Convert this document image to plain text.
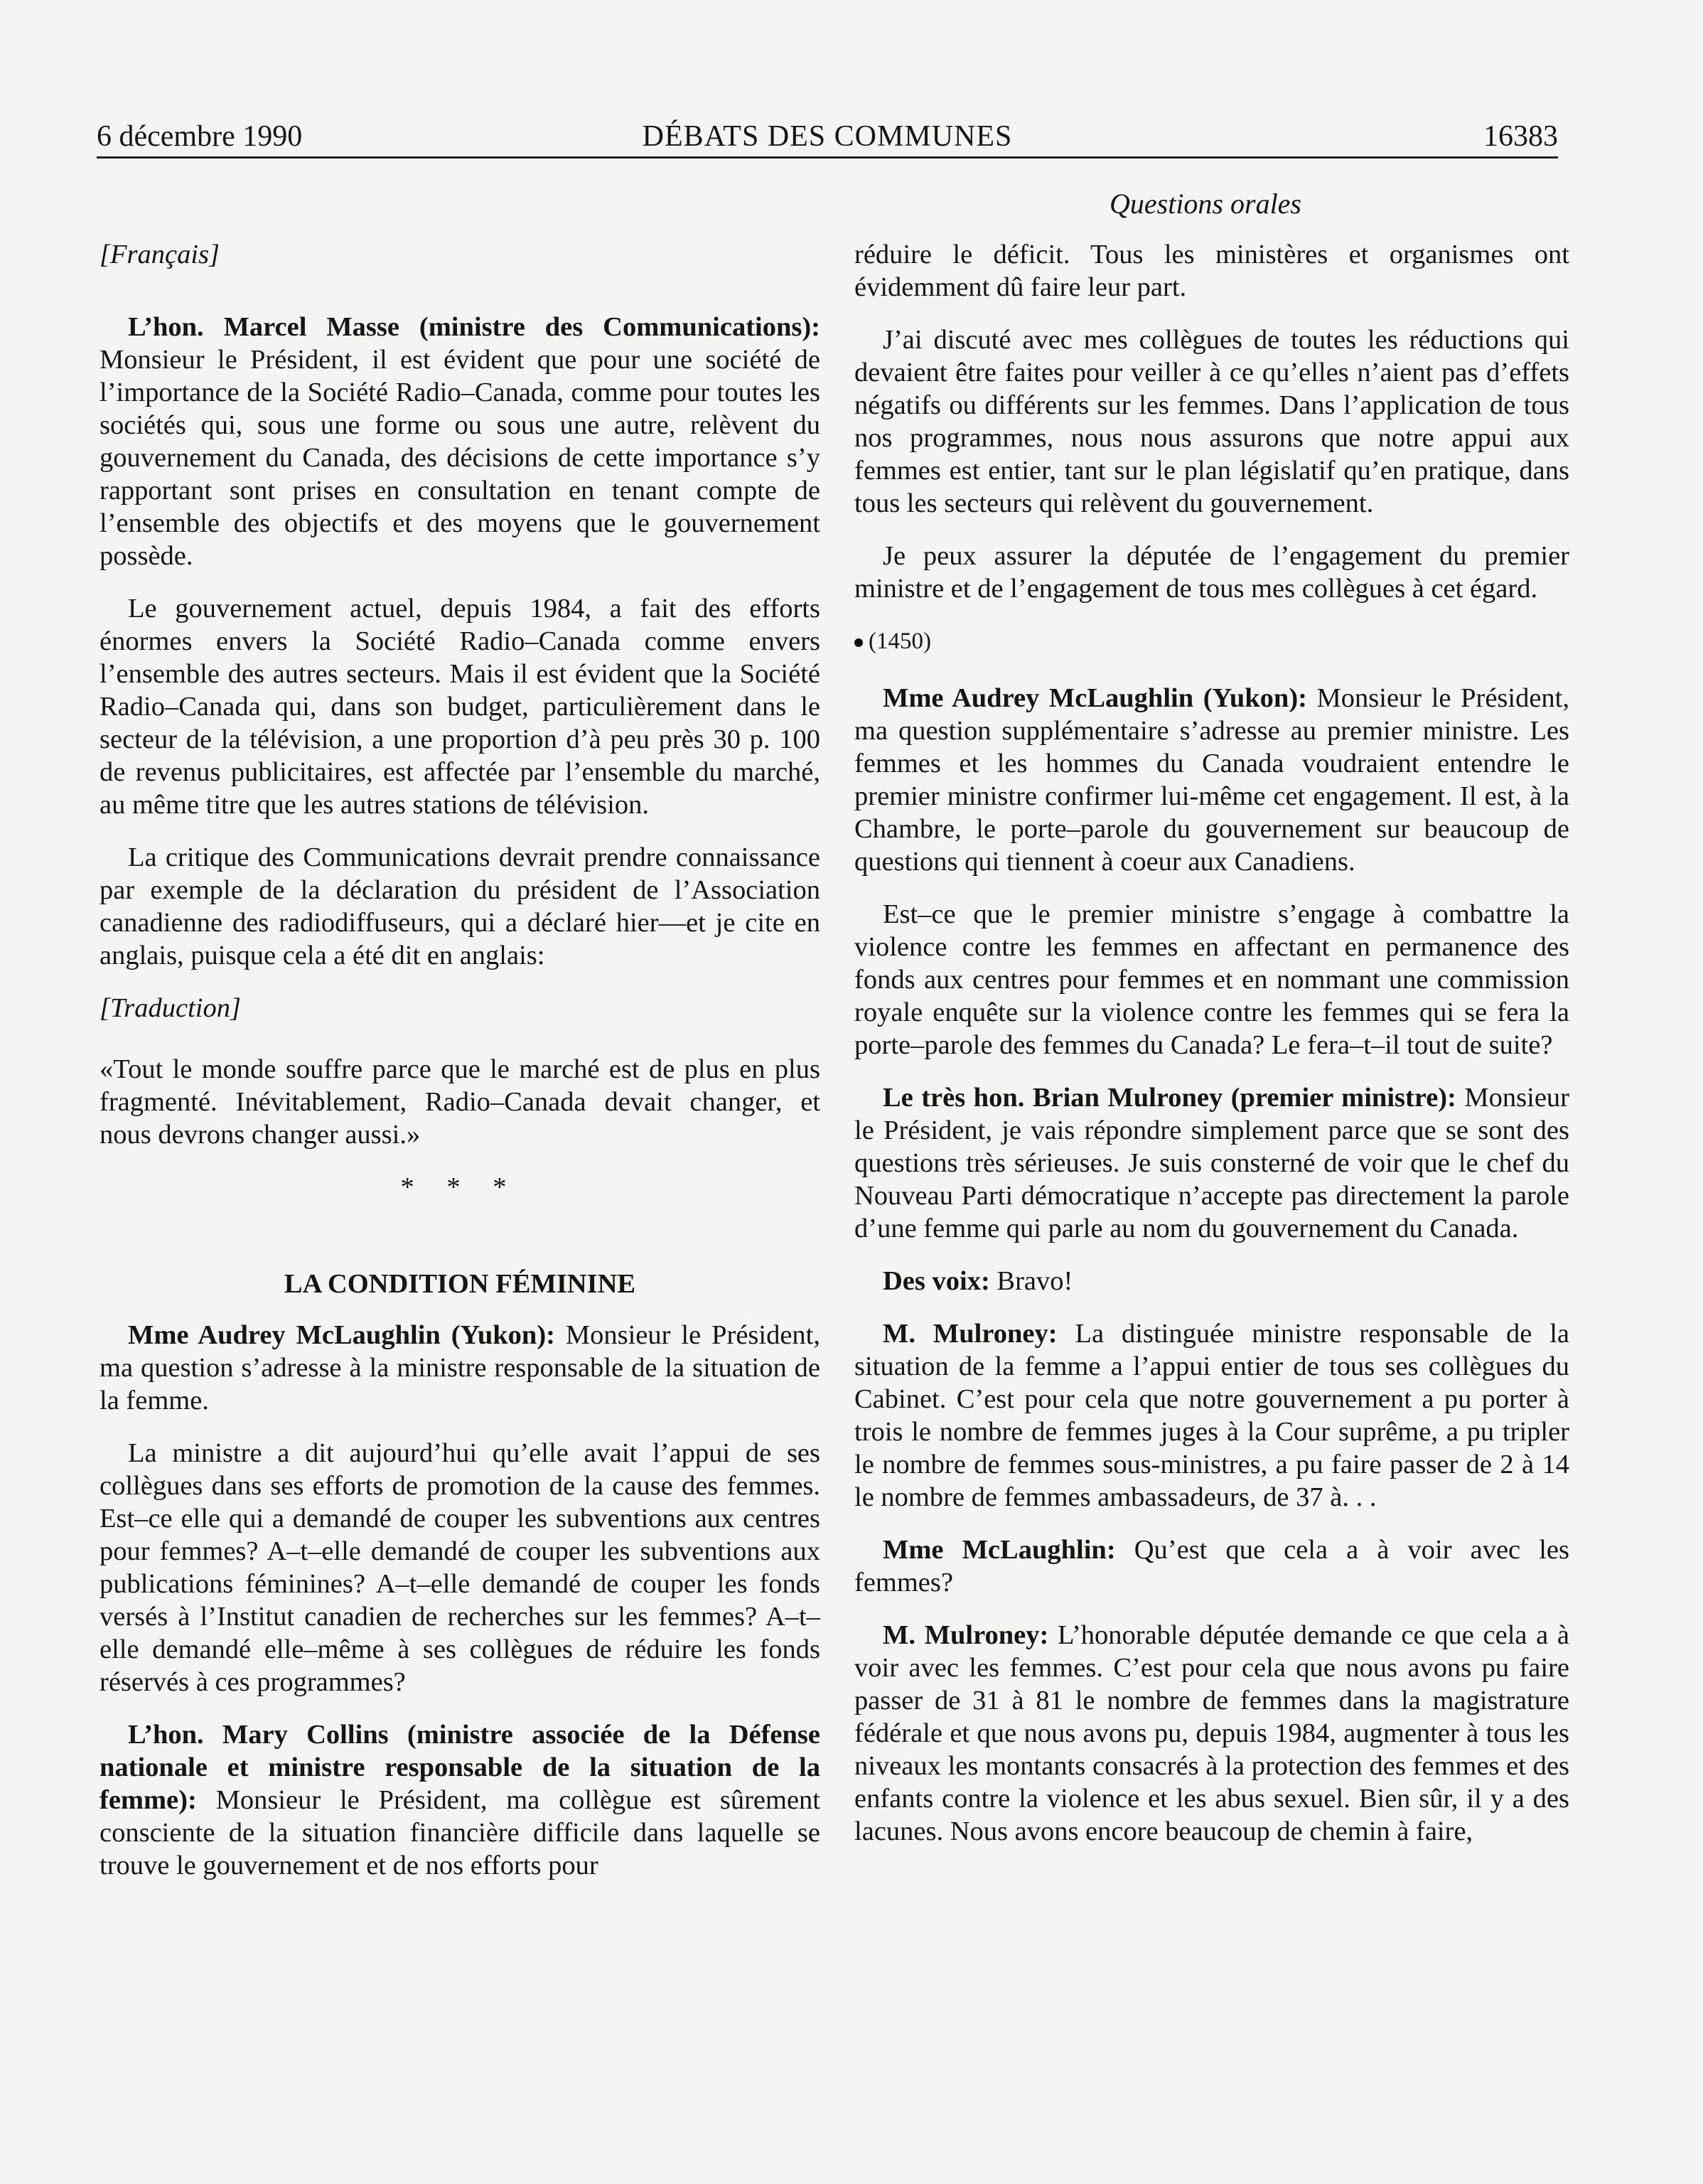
6 décembre 1990	DÉBATS DES COMMUNES	16383
Questions orales

[Français]

L’hon. Marcel Masse (ministre des Communications): Monsieur le Président, il est évident que pour une société de l’importance de la Société Radio–Canada, comme pour toutes les sociétés qui, sous une forme ou sous une autre, relèvent du gouvernement du Canada, des décisions de cette importance s’y rapportant sont prises en consultation en tenant compte de l’ensemble des objectifs et des moyens que le gouvernement possède.

Le gouvernement actuel, depuis 1984, a fait des efforts énormes envers la Société Radio–Canada comme envers l’ensemble des autres secteurs. Mais il est évident que la Société Radio–Canada qui, dans son budget, particulièrement dans le secteur de la télévision, a une proportion d’à peu près 30 p. 100 de revenus publicitaires, est affectée par l’ensemble du marché, au même titre que les autres stations de télévision.

La critique des Communications devrait prendre connaissance par exemple de la déclaration du président de l’Association canadienne des radiodiffuseurs, qui a déclaré hier—et je cite en anglais, puisque cela a été dit en anglais:

[Traduction]

«Tout le monde souffre parce que le marché est de plus en plus fragmenté. Inévitablement, Radio–Canada devait changer, et nous devrons changer aussi.»

* * *

LA CONDITION FÉMININE

Mme Audrey McLaughlin (Yukon): Monsieur le Président, ma question s’adresse à la ministre responsable de la situation de la femme.

La ministre a dit aujourd’hui qu’elle avait l’appui de ses collègues dans ses efforts de promotion de la cause des femmes. Est–ce elle qui a demandé de couper les subventions aux centres pour femmes? A–t–elle demandé de couper les subventions aux publications féminines? A–t–elle demandé de couper les fonds versés à l’Institut canadien de recherches sur les femmes? A–t–elle demandé elle–même à ses collègues de réduire les fonds réservés à ces programmes?

L’hon. Mary Collins (ministre associée de la Défense nationale et ministre responsable de la situation de la femme): Monsieur le Président, ma collègue est sûrement consciente de la situation financière difficile dans laquelle se trouve le gouvernement et de nos efforts pour

réduire le déficit. Tous les ministères et organismes ont évidemment dû faire leur part.

J’ai discuté avec mes collègues de toutes les réductions qui devaient être faites pour veiller à ce qu’elles n’aient pas d’effets négatifs ou différents sur les femmes. Dans l’application de tous nos programmes, nous nous assurons que notre appui aux femmes est entier, tant sur le plan législatif qu’en pratique, dans tous les secteurs qui relèvent du gouvernement.

Je peux assurer la députée de l’engagement du premier ministre et de l’engagement de tous mes collègues à cet égard.

(1450)

Mme Audrey McLaughlin (Yukon): Monsieur le Président, ma question supplémentaire s’adresse au premier ministre. Les femmes et les hommes du Canada voudraient entendre le premier ministre confirmer lui-même cet engagement. Il est, à la Chambre, le porte–parole du gouvernement sur beaucoup de questions qui tiennent à coeur aux Canadiens.

Est–ce que le premier ministre s’engage à combattre la violence contre les femmes en affectant en permanence des fonds aux centres pour femmes et en nommant une commission royale enquête sur la violence contre les femmes qui se fera la porte–parole des femmes du Canada? Le fera–t–il tout de suite?

Le très hon. Brian Mulroney (premier ministre): Monsieur le Président, je vais répondre simplement parce que se sont des questions très sérieuses. Je suis consterné de voir que le chef du Nouveau Parti démocratique n’accepte pas directement la parole d’une femme qui parle au nom du gouvernement du Canada.

Des voix: Bravo!

M. Mulroney: La distinguée ministre responsable de la situation de la femme a l’appui entier de tous ses collègues du Cabinet. C’est pour cela que notre gouvernement a pu porter à trois le nombre de femmes juges à la Cour suprême, a pu tripler le nombre de femmes sous-ministres, a pu faire passer de 2 à 14 le nombre de femmes ambassadeurs, de 37 à. . .

Mme McLaughlin: Qu’est que cela a à voir avec les femmes?

M. Mulroney: L’honorable députée demande ce que cela a à voir avec les femmes. C’est pour cela que nous avons pu faire passer de 31 à 81 le nombre de femmes dans la magistrature fédérale et que nous avons pu, depuis 1984, augmenter à tous les niveaux les montants consacrés à la protection des femmes et des enfants contre la violence et les abus sexuel. Bien sûr, il y a des lacunes. Nous avons encore beaucoup de chemin à faire,
